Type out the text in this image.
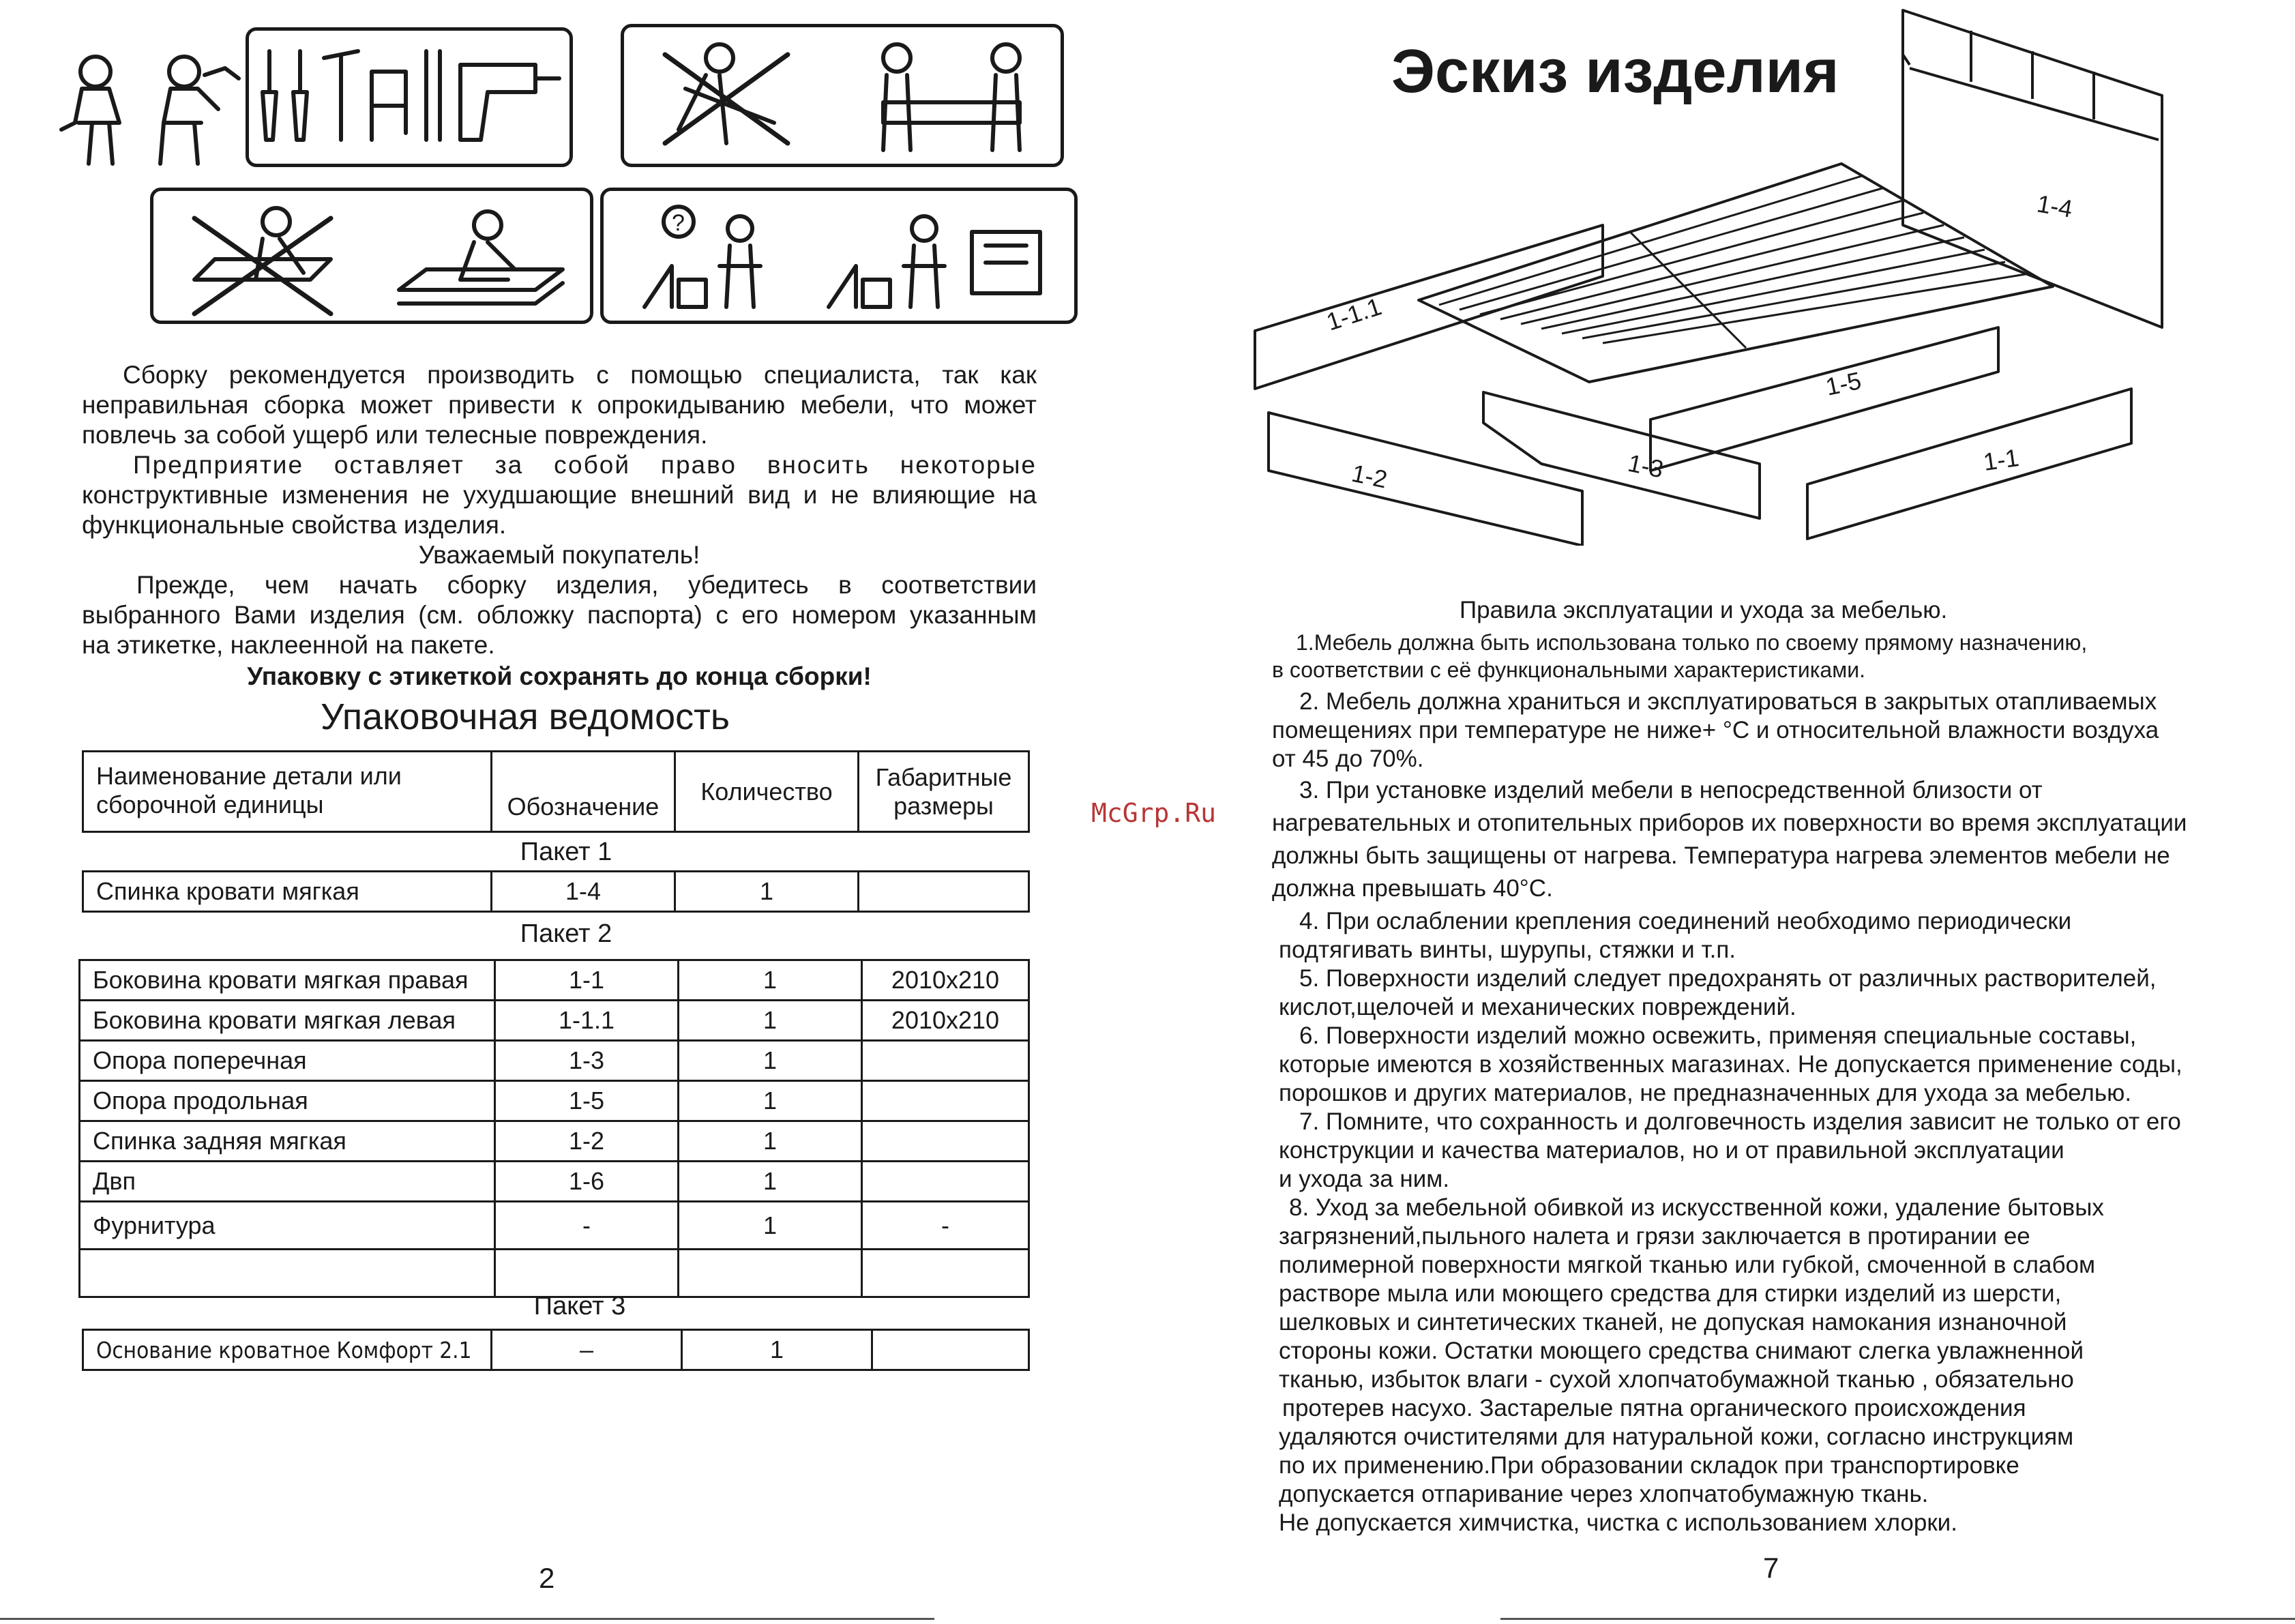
?
Сборку рекомендуется производить с помощью специалиста, так как
неправильная сборка может привести к опрокидыванию мебели, что может
повлечь за собой ущерб или телесные повреждения.
Предприятие оставляет за собой право вносить некоторые
конструктивные изменения не ухудшающие внешний вид и не влияющие на
функциональные свойства изделия.
Уважаемый покупатель!
Прежде, чем начать сборку изделия, убедитесь в соответствии
выбранного Вами изделия (см. обложку паспорта) с его номером указанным
на этикетке, наклеенной на пакете.
Упаковку с этикеткой сохранять до конца сборки!
Упаковочная ведомость
Наименование детали или сборочной единицы	Обозначение	Количество	Габаритные размеры
Пакет 1
Спинка кровати мягкая	1-4	1	
Пакет 2
Боковина кровати мягкая правая	1-1	1	2010x210
Боковина кровати мягкая левая	1-1.1	1	2010x210
Опора поперечная	1-3	1	
Опора продольная	1-5	1	
Спинка задняя мягкая	1-2	1	
Двп	1-6	1	
Фурнитура	-	1	-

Пакет 3
Основание кроватное Комфорт 2.1	–	1	
2
McGrp.Ru
Эскиз изделия
1-4
1-1.1
1-5
1-2	1-3	1-1
Правила эксплуатации и ухода за мебелью.

1.Мебель должна быть использована только по своему прямому назначению,

в соответствии с её функциональными характеристиками.

2. Мебель должна храниться и эксплуатироваться в закрытых отапливаемых

помещениях при температуре не ниже+ °С и относительной влажности воздуха

от 45 до 70%.

3. При установке изделий мебели в непосредственной близости от

нагревательных и отопительных приборов их поверхности во время эксплуатации

должны быть защищены от нагрева. Температура нагрева элементов мебели не

должна превышать 40°С.

4. При ослаблении крепления соединений необходимо периодически

подтягивать винты, шурупы, стяжки и т.п.

5. Поверхности изделий следует предохранять от различных растворителей,

кислот,щелочей и механических повреждений.

6. Поверхности изделий можно освежить, применяя специальные составы,

которые имеются в хозяйственных магазинах. Не допускается применение соды,

порошков и других материалов, не предназначенных для ухода за мебелью.

7. Помните, что сохранность и долговечность изделия зависит не только от его

конструкции и качества материалов, но и от правильной эксплуатации

и ухода за ним.

8. Уход за мебельной обивкой из искусственной кожи, удаление бытовых

загрязнений,пыльного налета и грязи заключается в протирании ее

полимерной поверхности мягкой тканью или губкой, смоченной в слабом

растворе мыла или моющего средства для стирки изделий из шерсти,

шелковых и синтетических тканей, не допуская намокания изнаночной

стороны кожи. Остатки моющего средства снимают слегка увлажненной

тканью, избыток влаги - сухой хлопчатобумажной тканью , обязательно

протерев насухо. Застарелые пятна органического происхождения

удаляются очистителями для натуральной кожи, согласно инструкциям

по их применению.При образовании складок при транспортировке

допускается отпаривание через хлопчатобумажную ткань.

Не допускается химчистка, чистка с использованием хлорки.

7
